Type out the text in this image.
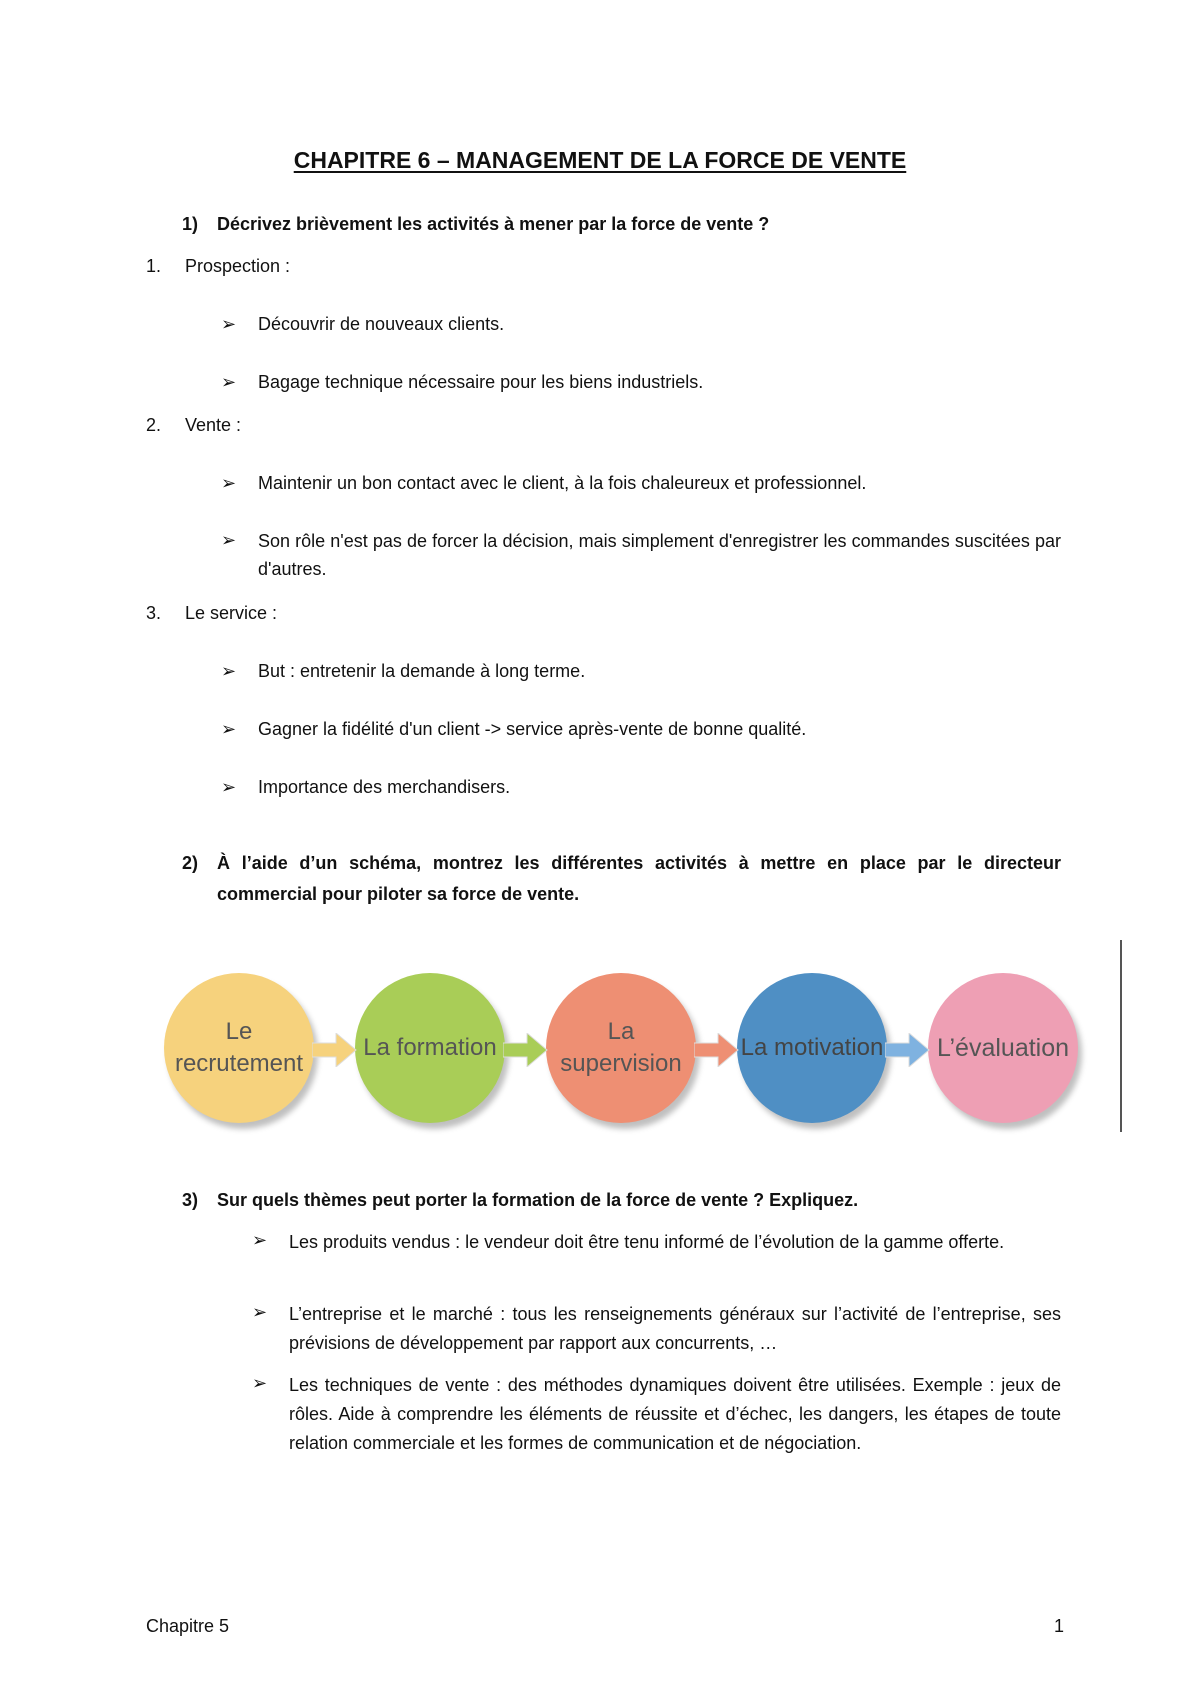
CHAPITRE 6 – MANAGEMENT DE LA FORCE DE VENTE
1) Décrivez brièvement les activités à mener par la force de vente ?
1. Prospection :
➢ Découvrir de nouveaux clients.
➢ Bagage technique nécessaire pour les biens industriels.
2. Vente :
➢ Maintenir un bon contact avec le client, à la fois chaleureux et professionnel.
➢ Son rôle n'est pas de forcer la décision, mais simplement d'enregistrer les commandes suscitées par d'autres.
3. Le service :
➢ But : entretenir la demande à long terme.
➢ Gagner la fidélité d'un client -> service après-vente de bonne qualité.
➢ Importance des merchandisers.
2) À l’aide d’un schéma, montrez les différentes activités à mettre en place par le directeur commercial pour piloter sa force de vente.
Le recrutement
La formation
La supervision
La motivation	L’évaluation
3) Sur quels thèmes peut porter la formation de la force de vente ? Expliquez.
➢ Les produits vendus : le vendeur doit être tenu informé de l’évolution de la gamme offerte.
➢ L’entreprise et le marché : tous les renseignements généraux sur l’activité de l’entreprise, ses prévisions de développement par rapport aux concurrents, …
➢ Les techniques de vente : des méthodes dynamiques doivent être utilisées. Exemple : jeux de rôles. Aide à comprendre les éléments de réussite et d’échec, les dangers, les étapes de toute relation commerciale et les formes de communication et de négociation.
Chapitre 5	1
